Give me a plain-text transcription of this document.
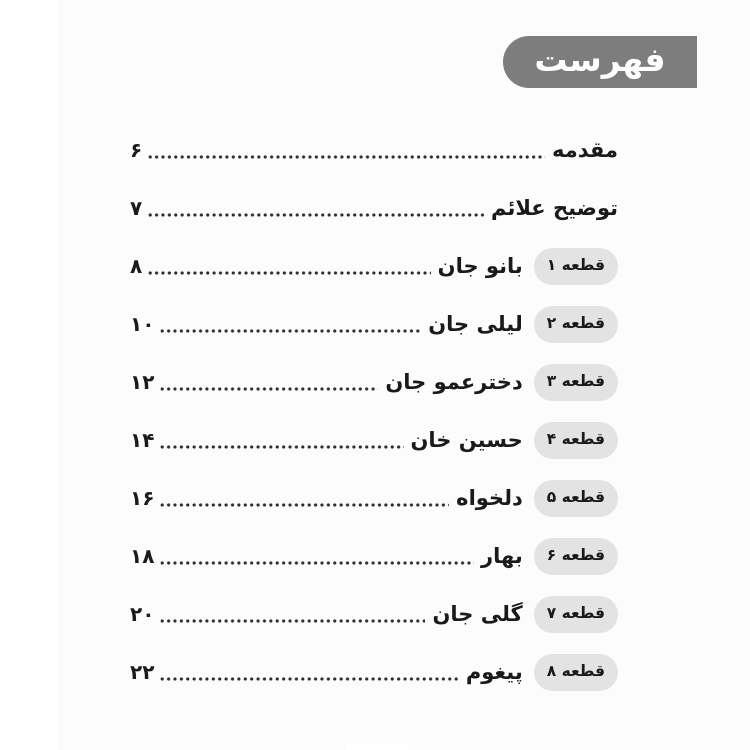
فهرست
مقدمه
۶
توضیح علائم
۷
قطعه ۱
بانو جان
۸
قطعه ۲
لیلی جان
۱۰
قطعه ۳
دخترعمو جان
۱۲
قطعه ۴
حسین خان
۱۴
قطعه ۵
دلخواه
۱۶
قطعه ۶
بهار
۱۸
قطعه ۷
گلی جان
۲۰
قطعه ۸
پیغوم
۲۲
